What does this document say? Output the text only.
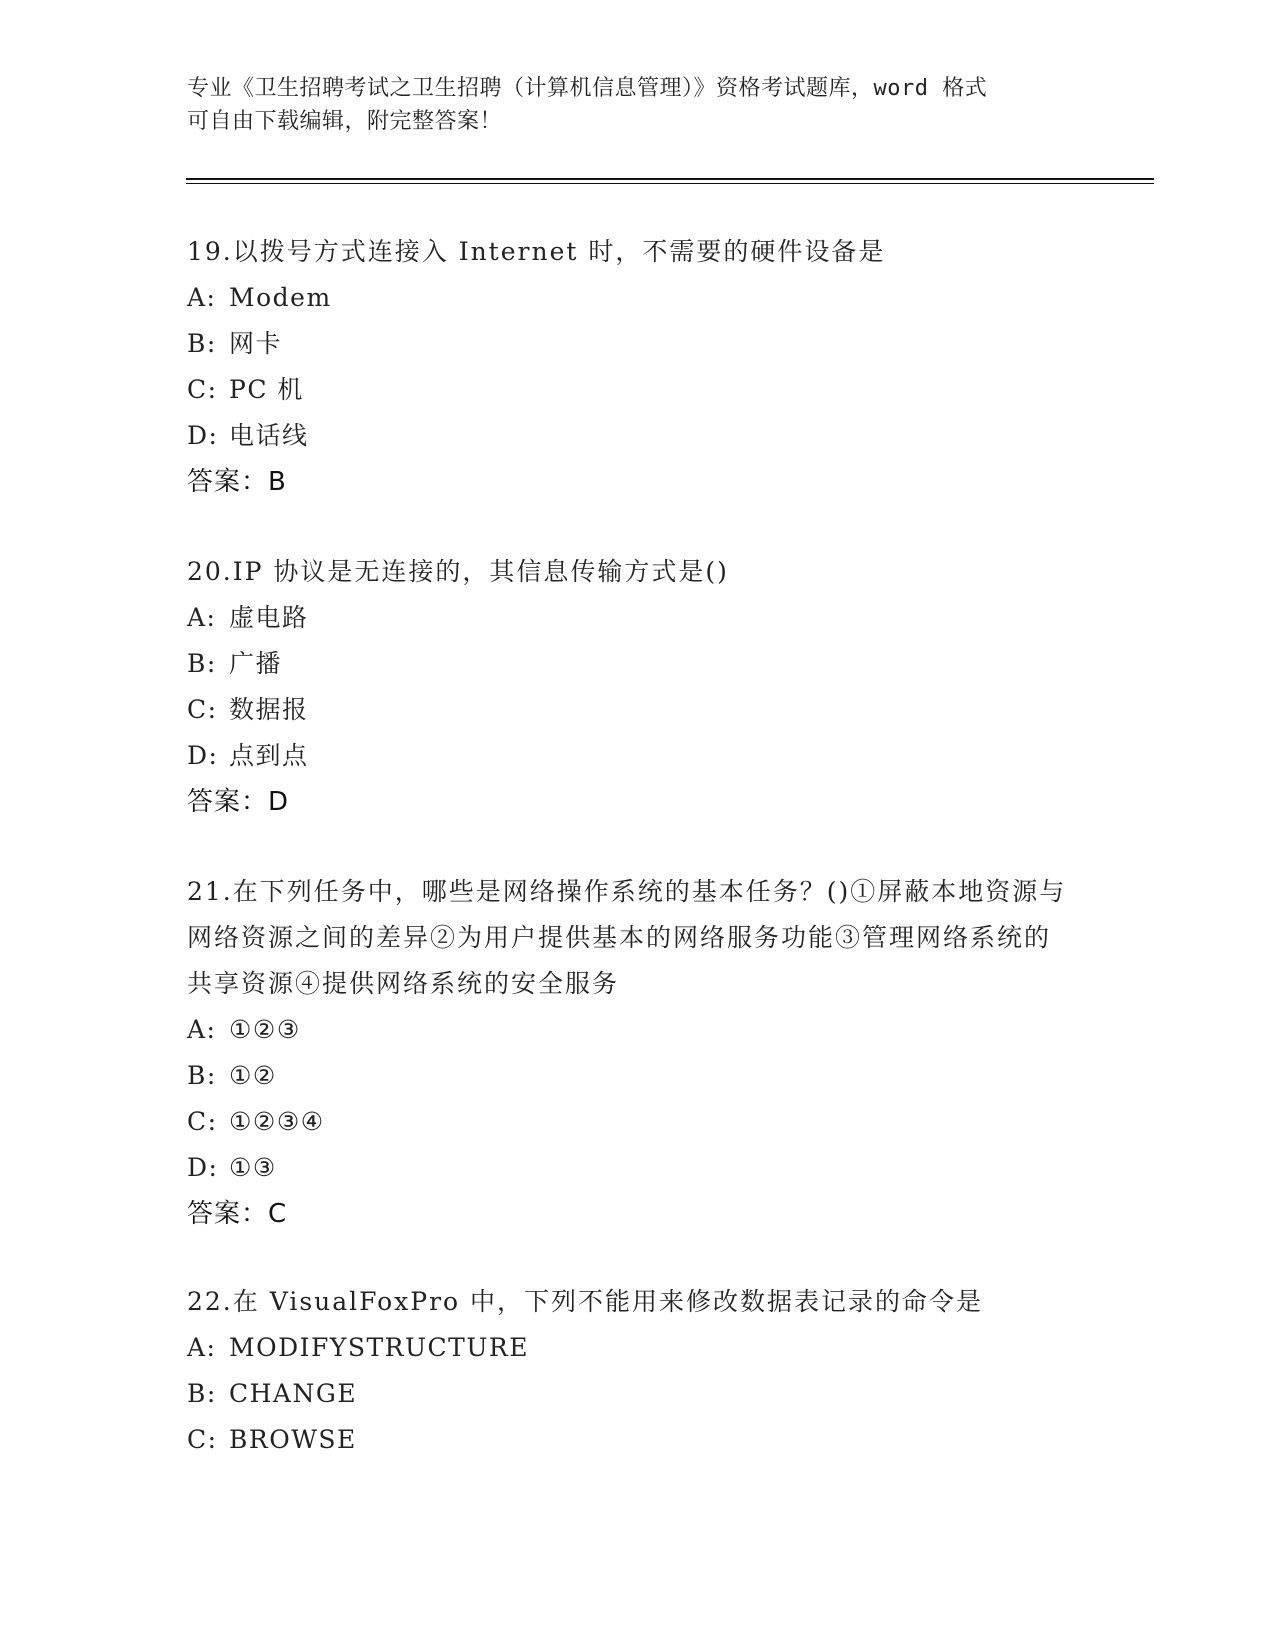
专业《卫生招聘考试之卫生招聘（计算机信息管理）》资格考试题库，word 格式
可自由下载编辑，附完整答案！

19.以拨号方式连接入 Internet 时，不需要的硬件设备是

A: Modem
B: 网卡
C: PC 机
D: 电话线
答案：B

20.IP 协议是无连接的，其信息传输方式是()

A: 虚电路
B: 广播
C: 数据报
D: 点到点
答案：D

21.在下列任务中，哪些是网络操作系统的基本任务？()①屏蔽本地资源与网络资源之间的差异②为用户提供基本的网络服务功能③管理网络系统的共享资源④提供网络系统的安全服务

A: ①②③
B: ①②
C: ①②③④
D: ①③
答案：C

22.在 VisualFoxPro 中，下列不能用来修改数据表记录的命令是

A: MODIFYSTRUCTURE
B: CHANGE
C: BROWSE
